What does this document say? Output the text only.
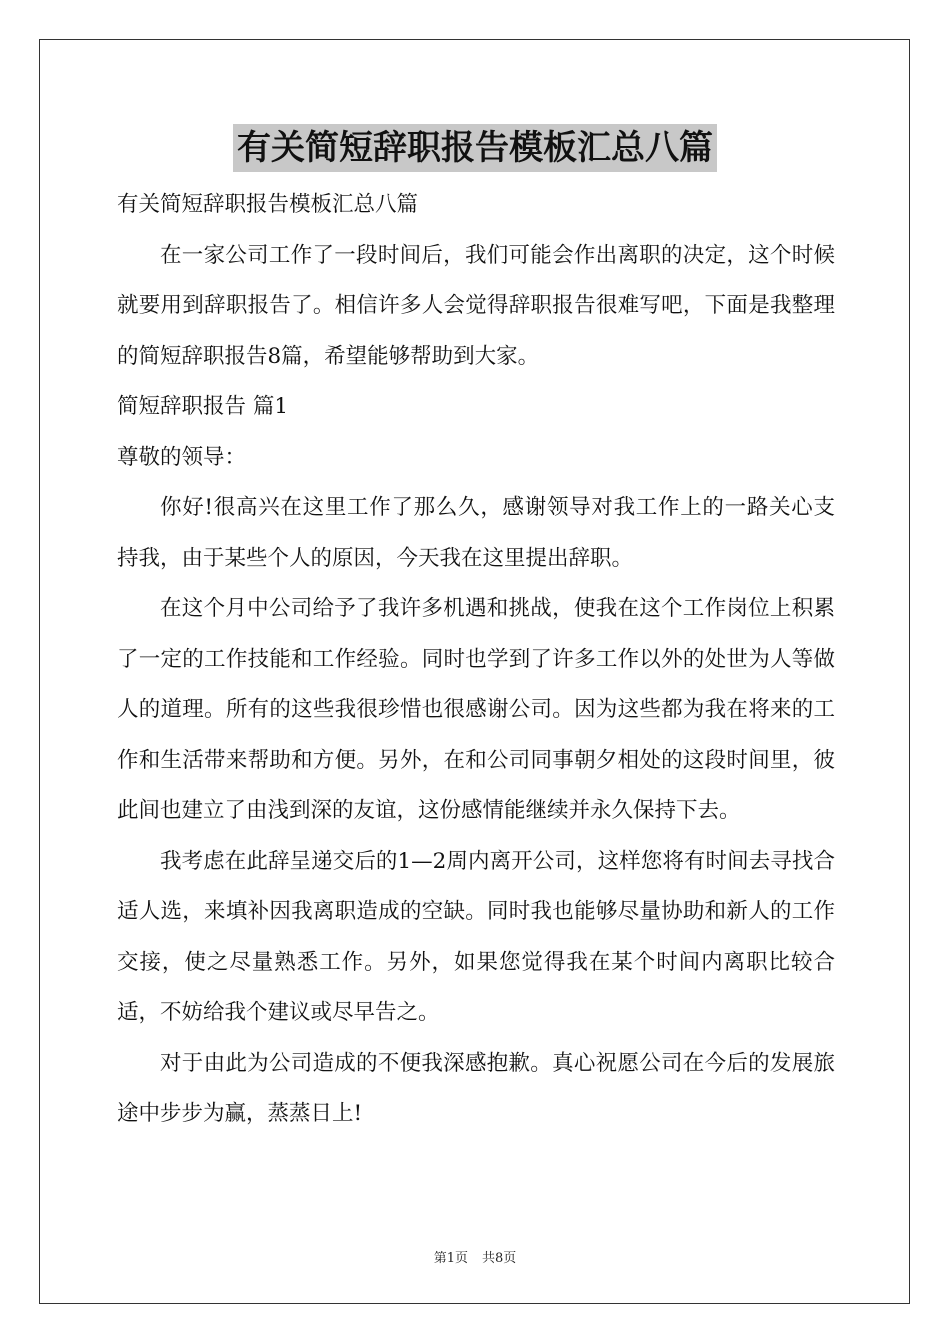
有关简短辞职报告模板汇总八篇

有关简短辞职报告模板汇总八篇

在一家公司工作了一段时间后，我们可能会作出离职的决定，这个时候就要用到辞职报告了。相信许多人会觉得辞职报告很难写吧，下面是我整理的简短辞职报告8篇，希望能够帮助到大家。

简短辞职报告 篇1

尊敬的领导：

你好!很高兴在这里工作了那么久，感谢领导对我工作上的一路关心支持我，由于某些个人的原因，今天我在这里提出辞职。

在这个月中公司给予了我许多机遇和挑战，使我在这个工作岗位上积累了一定的工作技能和工作经验。同时也学到了许多工作以外的处世为人等做人的道理。所有的这些我很珍惜也很感谢公司。因为这些都为我在将来的工作和生活带来帮助和方便。另外，在和公司同事朝夕相处的这段时间里，彼此间也建立了由浅到深的友谊，这份感情能继续并永久保持下去。

我考虑在此辞呈递交后的1—2周内离开公司，这样您将有时间去寻找合适人选，来填补因我离职造成的空缺。同时我也能够尽量协助和新人的工作交接，使之尽量熟悉工作。另外，如果您觉得我在某个时间内离职比较合适，不妨给我个建议或尽早告之。

对于由此为公司造成的不便我深感抱歉。真心祝愿公司在今后的发展旅途中步步为赢，蒸蒸日上!

第1页 共8页
